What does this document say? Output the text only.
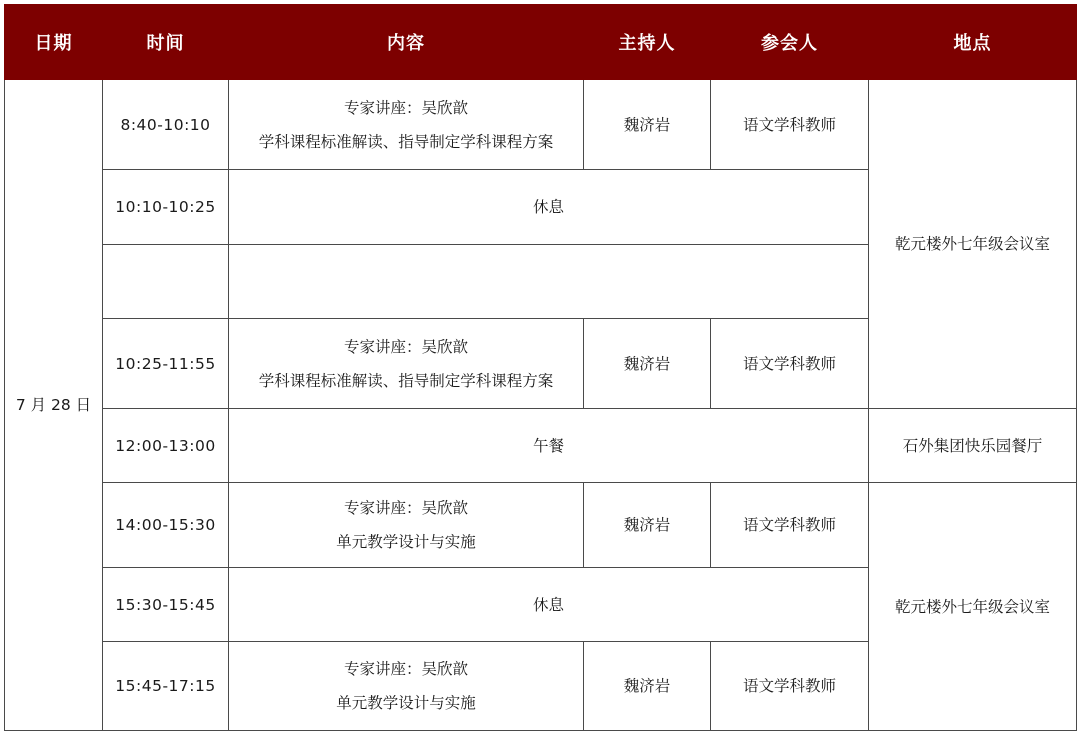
日期	时间	内容	主持人	参会人	地点
7 月 28 日	8:40-10:10	专家讲座：吴欣歆
学科课程标准解读、指导制定学科课程方案	魏济岩	语文学科教师	乾元楼外七年级会议室
	10:10-10:25	休息			

	10:25-11:55	专家讲座：吴欣歆
学科课程标准解读、指导制定学科课程方案	魏济岩	语文学科教师	
	12:00-13:00	午餐			石外集团快乐园餐厅
	14:00-15:30	专家讲座：吴欣歆
单元教学设计与实施	魏济岩	语文学科教师	乾元楼外七年级会议室
	15:30-15:45	休息			
	15:45-17:15	专家讲座：吴欣歆
单元教学设计与实施	魏济岩	语文学科教师	
